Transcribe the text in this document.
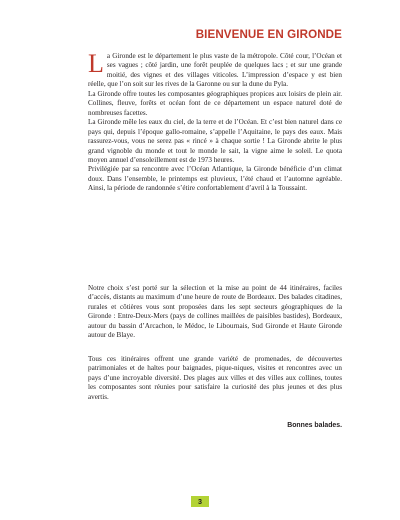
BIENVENUE EN GIRONDE

La Gironde est le département le plus vaste de la métropole. Côté cour, l’Océan et ses vagues ; côté jardin, une forêt peuplée de quelques lacs ; et sur une grande moitié, des vignes et des villages viticoles. L’impression d’espace y est bien réelle, que l’on soit sur les rives de la Garonne ou sur la dune du Pyla.

La Gironde offre toutes les composantes géographiques propices aux loisirs de plein air. Collines, fleuve, forêts et océan font de ce département un espace naturel doté de nombreuses facettes.

La Gironde mêle les eaux du ciel, de la terre et de l’Océan. Et c’est bien naturel dans ce pays qui, depuis l’époque gallo-romaine, s’appelle l’Aquitaine, le pays des eaux. Mais rassurez-vous, vous ne serez pas « rincé » à chaque sortie ! La Gironde abrite le plus grand vignoble du monde et tout le monde le sait, la vigne aime le soleil. Le quota moyen annuel d’ensoleillement est de 1973 heures.

Privilégiée par sa rencontre avec l’Océan Atlantique, la Gironde bénéficie d’un climat doux. Dans l’ensemble, le printemps est pluvieux, l’été chaud et l’automne agréable. Ainsi, la période de randonnée s’étire confortablement d’avril à la Toussaint.

Notre choix s’est porté sur la sélection et la mise au point de 44 itinéraires, faciles d’accès, distants au maximum d’une heure de route de Bordeaux. Des balades citadines, rurales et côtières vous sont proposées dans les sept secteurs géographiques de la Gironde : Entre-Deux-Mers (pays de collines maillées de paisibles bastides), Bordeaux, autour du bassin d’Arcachon, le Médoc, le Libournais, Sud Gironde et Haute Gironde autour de Blaye.

Tous ces itinéraires offrent une grande variété de promenades, de découvertes patrimoniales et de haltes pour baignades, pique-niques, visites et rencontres avec un pays d’une incroyable diversité. Des plages aux villes et des villes aux collines, toutes les composantes sont réunies pour satisfaire la curiosité des plus jeunes et des plus avertis.

Bonnes balades.
3
